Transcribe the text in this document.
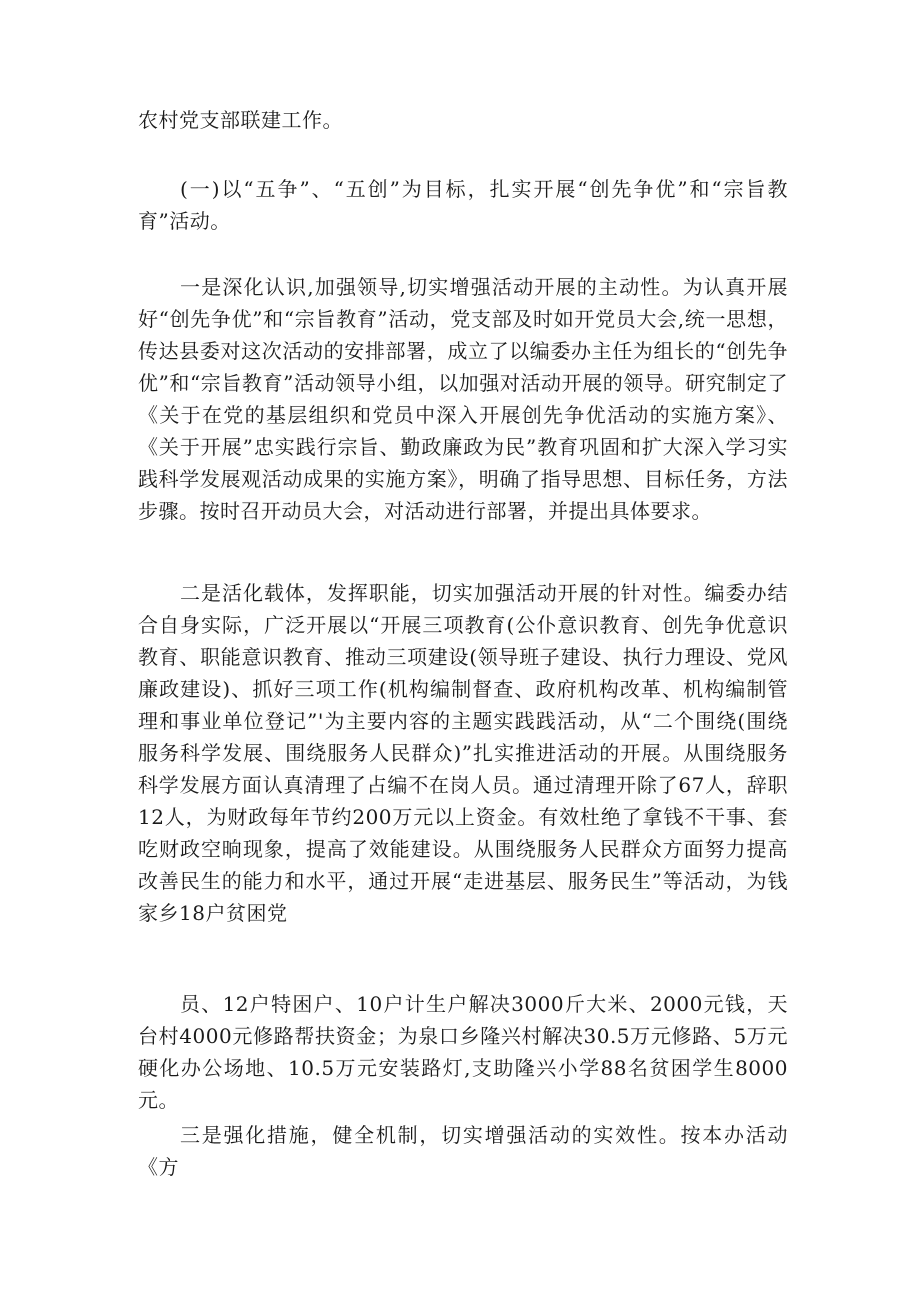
农村党支部联建工作。

(一)以“五争”、“五创”为目标，扎实开展“创先争优”和“宗旨教育”活动。

一是深化认识,加强领导,切实增强活动开展的主动性。为认真开展好“创先争优”和“宗旨教育”活动，党支部及时如开党员大会,统一思想，传达县委对这次活动的安排部署，成立了以编委办主任为组长的“创先争优”和“宗旨教育”活动领导小组，以加强对活动开展的领导。研究制定了《关于在党的基层组织和党员中深入开展创先争优活动的实施方案》、《关于开展”忠实践行宗旨、勤政廉政为民”教育巩固和扩大深入学习实践科学发展观活动成果的实施方案》，明确了指导思想、目标任务，方法步骤。按时召开动员大会，对活动进行部署，并提出具体要求。

二是活化载体，发挥职能，切实加强活动开展的针对性。编委办结合自身实际，广泛开展以“开展三项教育(公仆意识教育、创先争优意识教育、职能意识教育、推动三项建设(领导班子建设、执行力理设、党风廉政建设)、抓好三项工作(机构编制督查、政府机构改革、机构编制管理和事业单位登记”'为主要内容的主题实践践活动，从“二个围绕(围绕服务科学发展、围绕服务人民群众)”扎实推进活动的开展。从围绕服务科学发展方面认真清理了占编不在岗人员。通过清理开除了67人，辞职12人，为财政每年节约200万元以上资金。有效杜绝了拿钱不干事、套吃财政空晌现象，提高了效能建设。从围绕服务人民群众方面努力提高改善民生的能力和水平，通过开展“走进基层、服务民生”等活动，为钱家乡18户贫困党

员、12户特困户、10户计生户解决3000斤大米、2000元钱，天台村4000元修路帮扶资金；为泉口乡隆兴村解决30.5万元修路、5万元硬化办公场地、10.5万元安装路灯,支助隆兴小学88名贫困学生8000元。

三是强化措施，健全机制，切实增强活动的实效性。按本办活动《方
